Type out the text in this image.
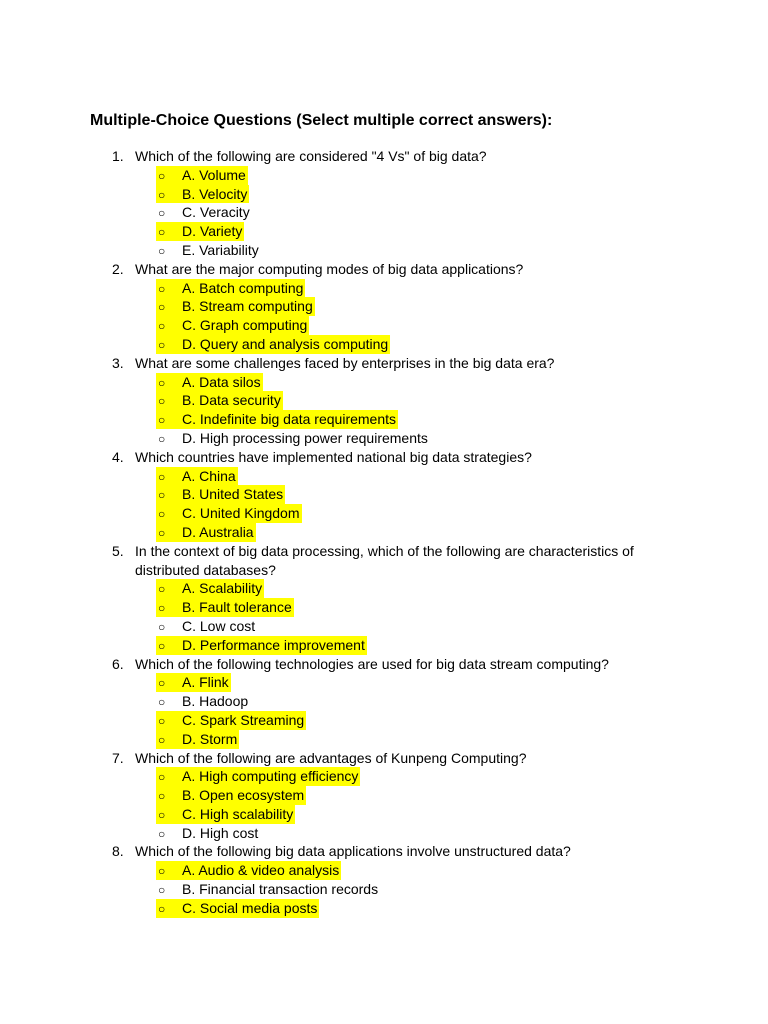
Multiple-Choice Questions (Select multiple correct answers):
1. Which of the following are considered "4 Vs" of big data?
○ A. Volume
○ B. Velocity
○ C. Veracity
○ D. Variety
○ E. Variability
2. What are the major computing modes of big data applications?
○ A. Batch computing
○ B. Stream computing
○ C. Graph computing
○ D. Query and analysis computing
3. What are some challenges faced by enterprises in the big data era?
○ A. Data silos
○ B. Data security
○ C. Indefinite big data requirements
○ D. High processing power requirements
4. Which countries have implemented national big data strategies?
○ A. China
○ B. United States
○ C. United Kingdom
○ D. Australia
5. In the context of big data processing, which of the following are characteristics of distributed databases?
○ A. Scalability
○ B. Fault tolerance
○ C. Low cost
○ D. Performance improvement
6. Which of the following technologies are used for big data stream computing?
○ A. Flink
○ B. Hadoop
○ C. Spark Streaming
○ D. Storm
7. Which of the following are advantages of Kunpeng Computing?
○ A. High computing efficiency
○ B. Open ecosystem
○ C. High scalability
○ D. High cost
8. Which of the following big data applications involve unstructured data?
○ A. Audio & video analysis
○ B. Financial transaction records
○ C. Social media posts
